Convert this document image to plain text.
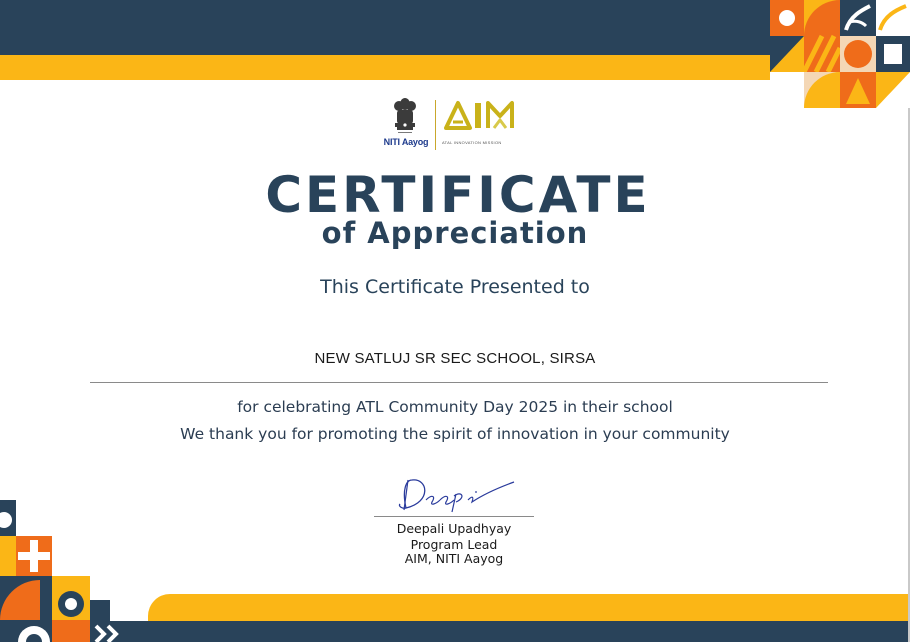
NITI Aayog	ATAL INNOVATION MISSION
CERTIFICATE
of Appreciation
This Certificate Presented to
NEW SATLUJ SR SEC SCHOOL, SIRSA
for celebrating ATL Community Day 2025 in their school
We thank you for promoting the spirit of innovation in your community
Deepali Upadhyay
Program Lead
AIM, NITI Aayog
